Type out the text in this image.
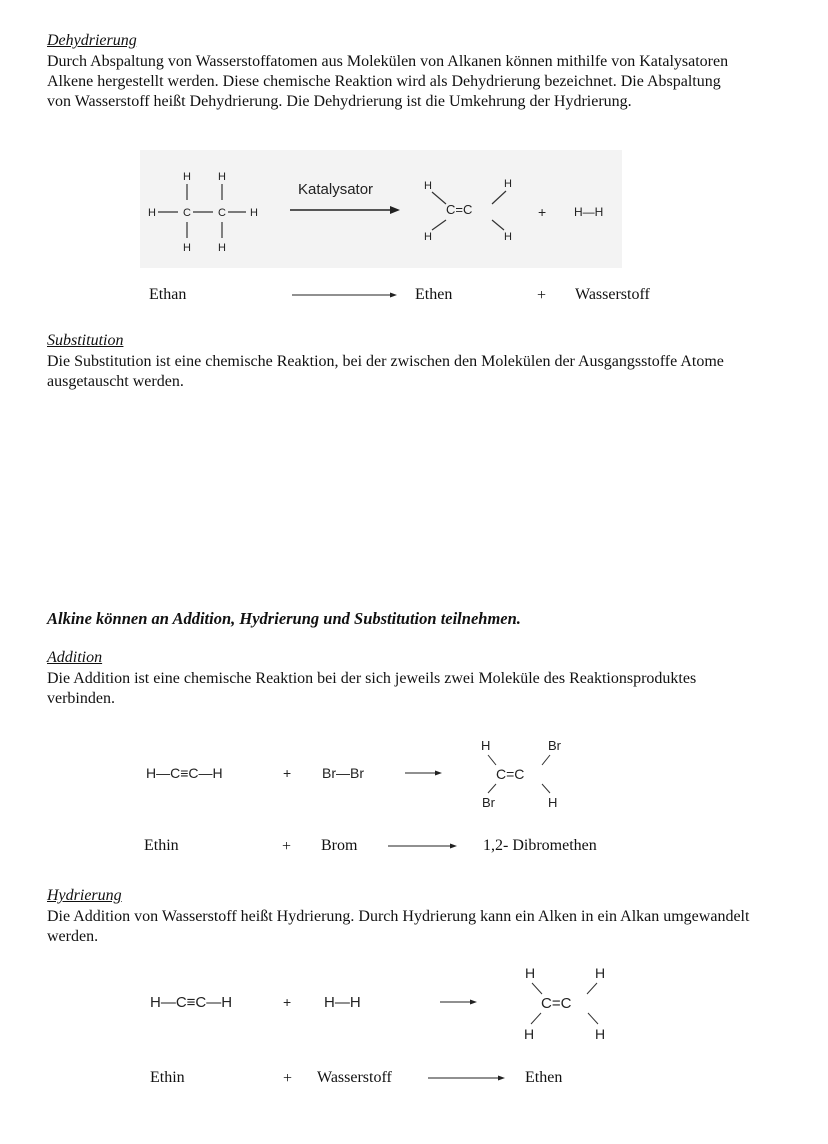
Dehydrierung
Durch Abspaltung von Wasserstoffatomen aus Molekülen von Alkanen können mithilfe von Katalysatoren Alkene hergestellt werden. Diese chemische Reaktion wird als Dehydrierung bezeichnet. Die Abspaltung von Wasserstoff heißt Dehydrierung. Die Dehydrierung ist die Umkehrung der Hydrierung.
H H
H C C H
H H
Katalysator	H
C=C
H
H
H
+ H—H
Ethan	Ethen	+ Wasserstoff
Substitution
Die Substitution ist eine chemische Reaktion, bei der zwischen den Molekülen der Ausgangsstoffe Atome ausgetauscht werden.
Alkine können an Addition, Hydrierung und Substitution teilnehmen.
Addition
Die Addition ist eine chemische Reaktion bei der sich jeweils zwei Moleküle des Reaktionsproduktes verbinden.
H—C≡C—H	+ Br—Br
H	Br
C=C
Br	H
Ethin	+ Brom	1,2- Dibromethen
Hydrierung
Die Addition von Wasserstoff heißt Hydrierung. Durch Hydrierung kann ein Alken in ein Alkan umgewandelt werden.
H—C≡C—H	+ H—H
H	H
C=C
H	H
Ethin	+ Wasserstoff	Ethen
